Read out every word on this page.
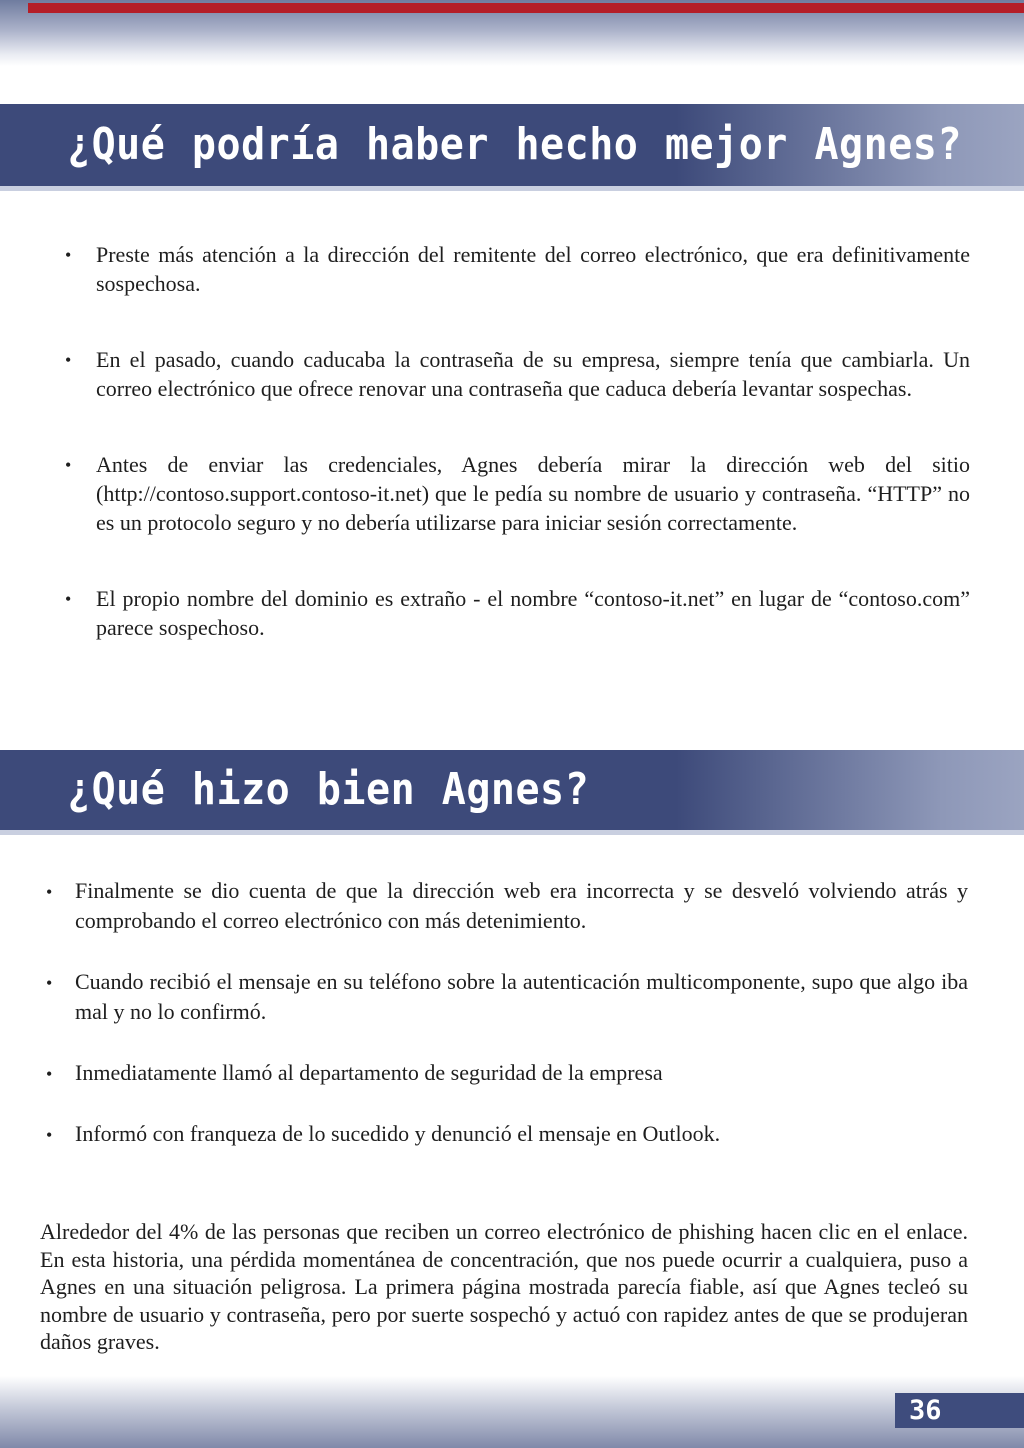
¿Qué podría haber hecho mejor Agnes?
• Preste más atención a la dirección del remitente del correo electrónico, que era definitivamente sospechosa.
• En el pasado, cuando caducaba la contraseña de su empresa, siempre tenía que cambiarla. Un correo electrónico que ofrece renovar una contraseña que caduca debería levantar sospechas.
• Antes de enviar las credenciales, Agnes debería mirar la dirección web del sitio (http://contoso.support.contoso-it.net) que le pedía su nombre de usuario y contraseña. “HTTP” no es un protocolo seguro y no debería utilizarse para iniciar sesión correctamente.
• El propio nombre del dominio es extraño - el nombre “contoso-it.net” en lugar de “contoso.com” parece sospechoso.
¿Qué hizo bien Agnes?
• Finalmente se dio cuenta de que la dirección web era incorrecta y se desveló volviendo atrás y comprobando el correo electrónico con más detenimiento.
• Cuando recibió el mensaje en su teléfono sobre la autenticación multicomponente, supo que algo iba mal y no lo confirmó.
• Inmediatamente llamó al departamento de seguridad de la empresa
• Informó con franqueza de lo sucedido y denunció el mensaje en Outlook.

Alrededor del 4% de las personas que reciben un correo electrónico de phishing hacen clic en el enlace. En esta historia, una pérdida momentánea de concentración, que nos puede ocurrir a cualquiera, puso a Agnes en una situación peligrosa. La primera página mostrada parecía fiable, así que Agnes tecleó su nombre de usuario y contraseña, pero por suerte sospechó y actuó con rapidez antes de que se produjeran daños graves.

36
